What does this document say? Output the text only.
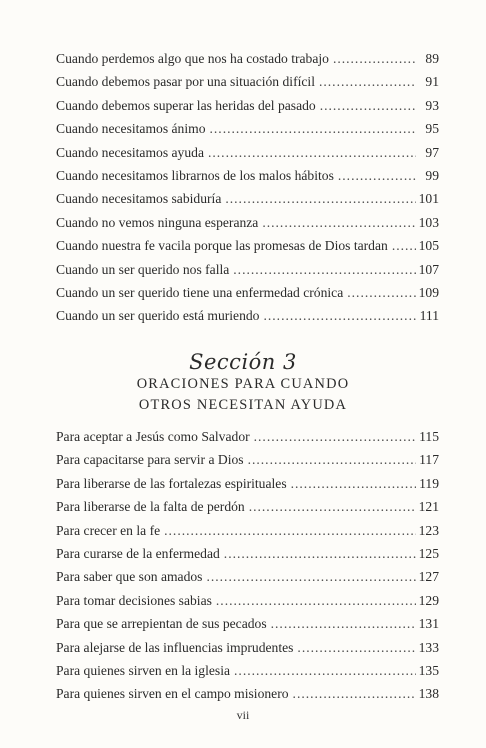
Cuando perdemos algo que nos ha costado trabajo . . .	89
Cuando debemos pasar por una situación difícil . . .	91
Cuando debemos superar las heridas del pasado . . .	93
Cuando necesitamos ánimo . . .	95
Cuando necesitamos ayuda . . .	97
Cuando necesitamos librarnos de los malos hábitos . . .	99
Cuando necesitamos sabiduría . . .	101
Cuando no vemos ninguna esperanza . . .	103
Cuando nuestra fe vacila porque las promesas de Dios tardan . . . 105
Cuando un ser querido nos falla . . .	107
Cuando un ser querido tiene una enfermedad crónica . . .	109
Cuando un ser querido está muriendo . . .	111
Sección 3
ORACIONES PARA CUANDO
OTROS NECESITAN AYUDA
Para aceptar a Jesús como Salvador . . .	115
Para capacitarse para servir a Dios . . .	117
Para liberarse de las fortalezas espirituales . . .	119
Para liberarse de la falta de perdón . . .	121
Para crecer en la fe . . .	123
Para curarse de la enfermedad . . .	125
Para saber que son amados . . .	127
Para tomar decisiones sabias . . .	129
Para que se arrepientan de sus pecados . . .	131
Para alejarse de las influencias imprudentes . . .	133
Para quienes sirven en la iglesia . . .	135
Para quienes sirven en el campo misionero . . .	138
vii
